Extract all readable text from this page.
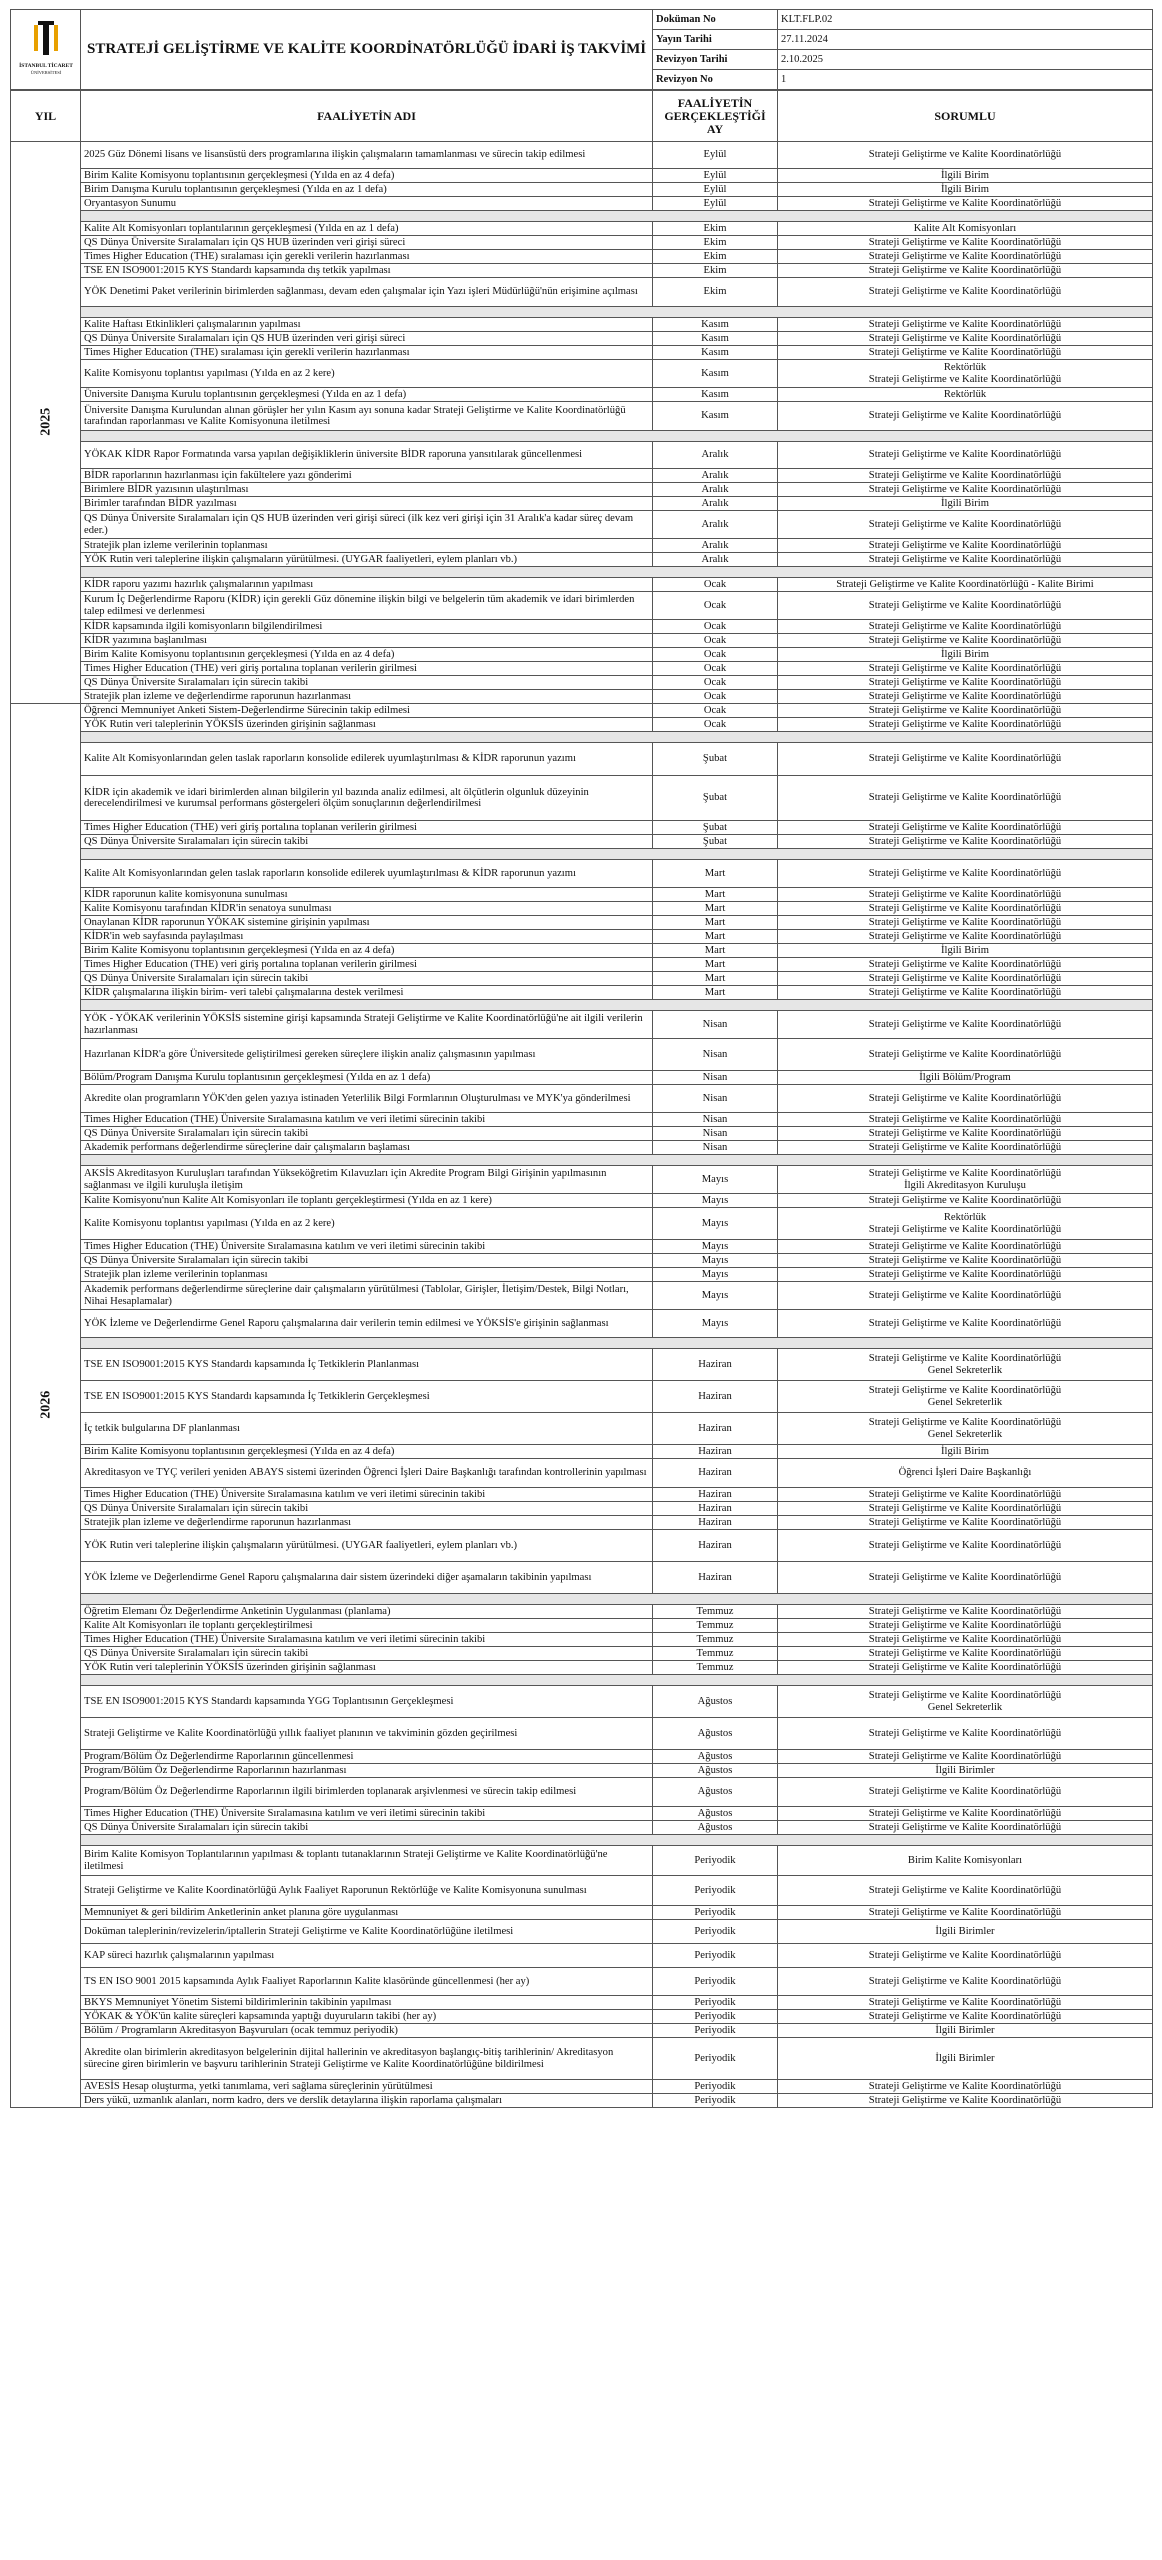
İSTANBUL TİCARET
ÜNİVERSİTESİ	STRATEJİ GELİŞTİRME VE KALİTE KOORDİNATÖRLÜĞÜ İDARİ İŞ TAKVİMİ	Doküman No	KLT.FLP.02
		Yayın Tarihi	27.11.2024
		Revizyon Tarihi	2.10.2025
		Revizyon No	1
YIL	FAALİYETİN ADI	FAALİYETİN GERÇEKLEŞTİĞİ AY	SORUMLU
2025	2025 Güz Dönemi lisans ve lisansüstü ders programlarına ilişkin çalışmaların tamamlanması ve sürecin takip edilmesi	Eylül	Strateji Geliştirme ve Kalite Koordinatörlüğü

	Birim Kalite Komisyonu toplantısının gerçekleşmesi (Yılda en az 4 defa)	Eylül	İlgili Birim

	Birim Danışma Kurulu toplantısının gerçekleşmesi (Yılda en az 1 defa)	Eylül	İlgili Birim

	Oryantasyon Sunumu	Eylül	Strateji Geliştirme ve Kalite Koordinatörlüğü

	Kalite Alt Komisyonları toplantılarının gerçekleşmesi (Yılda en az 1 defa)	Ekim	Kalite Alt Komisyonları

	QS Dünya Üniversite Sıralamaları için QS HUB üzerinden veri girişi süreci	Ekim	Strateji Geliştirme ve Kalite Koordinatörlüğü

	Times Higher Education (THE) sıralaması için gerekli verilerin hazırlanması	Ekim	Strateji Geliştirme ve Kalite Koordinatörlüğü

	TSE EN ISO9001:2015 KYS Standardı kapsamında dış tetkik yapılması	Ekim	Strateji Geliştirme ve Kalite Koordinatörlüğü

	YÖK Denetimi Paket verilerinin birimlerden sağlanması, devam eden çalışmalar için Yazı işleri Müdürlüğü'nün erişimine açılması	Ekim	Strateji Geliştirme ve Kalite Koordinatörlüğü

	Kalite Haftası Etkinlikleri çalışmalarının yapılması	Kasım	Strateji Geliştirme ve Kalite Koordinatörlüğü

	QS Dünya Üniversite Sıralamaları için QS HUB üzerinden veri girişi süreci	Kasım	Strateji Geliştirme ve Kalite Koordinatörlüğü

	Times Higher Education (THE) sıralaması için gerekli verilerin hazırlanması	Kasım	Strateji Geliştirme ve Kalite Koordinatörlüğü

	Kalite Komisyonu toplantısı yapılması (Yılda en az 2 kere)	Kasım	Rektörlük
Strateji Geliştirme ve Kalite Koordinatörlüğü

	Üniversite Danışma Kurulu toplantısının gerçekleşmesi (Yılda en az 1 defa)	Kasım	Rektörlük

	Üniversite Danışma Kurulundan alınan görüşler her yılın Kasım ayı sonuna kadar Strateji Geliştirme ve Kalite Koordinatörlüğü tarafından raporlanması ve Kalite Komisyonuna iletilmesi	Kasım	Strateji Geliştirme ve Kalite Koordinatörlüğü

	YÖKAK KİDR Rapor Formatında varsa yapılan değişikliklerin üniversite BİDR raporuna yansıtılarak güncellenmesi	Aralık	Strateji Geliştirme ve Kalite Koordinatörlüğü

	BİDR raporlarının hazırlanması için fakültelere yazı gönderimi	Aralık	Strateji Geliştirme ve Kalite Koordinatörlüğü

	Birimlere BİDR yazısının ulaştırılması	Aralık	Strateji Geliştirme ve Kalite Koordinatörlüğü

	Birimler tarafından BİDR yazılması	Aralık	İlgili Birim

	QS Dünya Üniversite Sıralamaları için QS HUB üzerinden veri girişi süreci (ilk kez veri girişi için 31 Aralık'a kadar süreç devam eder.)	Aralık	Strateji Geliştirme ve Kalite Koordinatörlüğü

	Stratejik plan izleme verilerinin toplanması	Aralık	Strateji Geliştirme ve Kalite Koordinatörlüğü

	YÖK Rutin veri taleplerine ilişkin çalışmaların yürütülmesi. (UYGAR faaliyetleri, eylem planları vb.)	Aralık	Strateji Geliştirme ve Kalite Koordinatörlüğü

	KİDR raporu yazımı hazırlık çalışmalarının yapılması	Ocak	Strateji Geliştirme ve Kalite Koordinatörlüğü - Kalite Birimi

	Kurum İç Değerlendirme Raporu (KİDR) için gerekli Güz dönemine ilişkin bilgi ve belgelerin tüm akademik ve idari birimlerden talep edilmesi ve derlenmesi	Ocak	Strateji Geliştirme ve Kalite Koordinatörlüğü

	KİDR kapsamında ilgili komisyonların bilgilendirilmesi	Ocak	Strateji Geliştirme ve Kalite Koordinatörlüğü

	KİDR yazımına başlanılması	Ocak	Strateji Geliştirme ve Kalite Koordinatörlüğü

	Birim Kalite Komisyonu toplantısının gerçekleşmesi (Yılda en az 4 defa)	Ocak	İlgili Birim

	Times Higher Education (THE) veri giriş portalına toplanan verilerin girilmesi	Ocak	Strateji Geliştirme ve Kalite Koordinatörlüğü

	QS Dünya Üniversite Sıralamaları için sürecin takibi	Ocak	Strateji Geliştirme ve Kalite Koordinatörlüğü

	Stratejik plan izleme ve değerlendirme raporunun hazırlanması	Ocak	Strateji Geliştirme ve Kalite Koordinatörlüğü

2026	Öğrenci Memnuniyet Anketi Sistem-Değerlendirme Sürecinin takip edilmesi	Ocak	Strateji Geliştirme ve Kalite Koordinatörlüğü

	YÖK Rutin veri taleplerinin YÖKSİS üzerinden girişinin sağlanması	Ocak	Strateji Geliştirme ve Kalite Koordinatörlüğü

	Kalite Alt Komisyonlarından gelen taslak raporların konsolide edilerek uyumlaştırılması & KİDR raporunun yazımı	Şubat	Strateji Geliştirme ve Kalite Koordinatörlüğü

	KİDR için akademik ve idari birimlerden alınan bilgilerin yıl bazında analiz edilmesi, alt ölçütlerin olgunluk düzeyinin derecelendirilmesi ve kurumsal performans göstergeleri ölçüm sonuçlarının değerlendirilmesi	Şubat	Strateji Geliştirme ve Kalite Koordinatörlüğü

	Times Higher Education (THE) veri giriş portalına toplanan verilerin girilmesi	Şubat	Strateji Geliştirme ve Kalite Koordinatörlüğü

	QS Dünya Üniversite Sıralamaları için sürecin takibi	Şubat	Strateji Geliştirme ve Kalite Koordinatörlüğü

	Kalite Alt Komisyonlarından gelen taslak raporların konsolide edilerek uyumlaştırılması & KİDR raporunun yazımı	Mart	Strateji Geliştirme ve Kalite Koordinatörlüğü

	KİDR raporunun kalite komisyonuna sunulması	Mart	Strateji Geliştirme ve Kalite Koordinatörlüğü

	Kalite Komisyonu tarafından KİDR'in senatoya sunulması	Mart	Strateji Geliştirme ve Kalite Koordinatörlüğü

	Onaylanan KİDR raporunun YÖKAK sistemine girişinin yapılması	Mart	Strateji Geliştirme ve Kalite Koordinatörlüğü

	KİDR'in web sayfasında paylaşılması	Mart	Strateji Geliştirme ve Kalite Koordinatörlüğü

	Birim Kalite Komisyonu toplantısının gerçekleşmesi (Yılda en az 4 defa)	Mart	İlgili Birim

	Times Higher Education (THE) veri giriş portalına toplanan verilerin girilmesi	Mart	Strateji Geliştirme ve Kalite Koordinatörlüğü

	QS Dünya Üniversite Sıralamaları için sürecin takibi	Mart	Strateji Geliştirme ve Kalite Koordinatörlüğü

	KİDR çalışmalarına ilişkin birim- veri talebi çalışmalarına destek verilmesi	Mart	Strateji Geliştirme ve Kalite Koordinatörlüğü

	YÖK - YÖKAK verilerinin YÖKSİS sistemine girişi kapsamında Strateji Geliştirme ve Kalite Koordinatörlüğü'ne ait ilgili verilerin hazırlanması	Nisan	Strateji Geliştirme ve Kalite Koordinatörlüğü

	Hazırlanan KİDR'a göre Üniversitede geliştirilmesi gereken süreçlere ilişkin analiz çalışmasının yapılması	Nisan	Strateji Geliştirme ve Kalite Koordinatörlüğü

	Bölüm/Program Danışma Kurulu toplantısının gerçekleşmesi (Yılda en az 1 defa)	Nisan	İlgili Bölüm/Program

	Akredite olan programların YÖK'den gelen yazıya istinaden Yeterlilik Bilgi Formlarının Oluşturulması ve MYK'ya gönderilmesi	Nisan	Strateji Geliştirme ve Kalite Koordinatörlüğü

	Times Higher Education (THE) Üniversite Sıralamasına katılım ve veri iletimi sürecinin takibi	Nisan	Strateji Geliştirme ve Kalite Koordinatörlüğü

	QS Dünya Üniversite Sıralamaları için sürecin takibi	Nisan	Strateji Geliştirme ve Kalite Koordinatörlüğü

	Akademik performans değerlendirme süreçlerine dair çalışmaların başlaması	Nisan	Strateji Geliştirme ve Kalite Koordinatörlüğü

	AKSİS Akreditasyon Kuruluşları tarafından Yükseköğretim Kılavuzları için Akredite Program Bilgi Girişinin yapılmasının sağlanması ve ilgili kuruluşla iletişim	Mayıs	Strateji Geliştirme ve Kalite Koordinatörlüğü
İlgili Akreditasyon Kuruluşu

	Kalite Komisyonu'nun Kalite Alt Komisyonları ile toplantı gerçekleştirmesi (Yılda en az 1 kere)	Mayıs	Strateji Geliştirme ve Kalite Koordinatörlüğü

	Kalite Komisyonu toplantısı yapılması (Yılda en az 2 kere)	Mayıs	Rektörlük
Strateji Geliştirme ve Kalite Koordinatörlüğü

	Times Higher Education (THE) Üniversite Sıralamasına katılım ve veri iletimi sürecinin takibi	Mayıs	Strateji Geliştirme ve Kalite Koordinatörlüğü

	QS Dünya Üniversite Sıralamaları için sürecin takibi	Mayıs	Strateji Geliştirme ve Kalite Koordinatörlüğü

	Stratejik plan izleme verilerinin toplanması	Mayıs	Strateji Geliştirme ve Kalite Koordinatörlüğü

	Akademik performans değerlendirme süreçlerine dair çalışmaların yürütülmesi (Tablolar, Girişler, İletişim/Destek, Bilgi Notları, Nihai Hesaplamalar)	Mayıs	Strateji Geliştirme ve Kalite Koordinatörlüğü

	YÖK İzleme ve Değerlendirme Genel Raporu çalışmalarına dair verilerin temin edilmesi ve YÖKSİS'e girişinin sağlanması	Mayıs	Strateji Geliştirme ve Kalite Koordinatörlüğü

	TSE EN ISO9001:2015 KYS Standardı kapsamında İç Tetkiklerin Planlanması	Haziran	Strateji Geliştirme ve Kalite Koordinatörlüğü
Genel Sekreterlik

	TSE EN ISO9001:2015 KYS Standardı kapsamında İç Tetkiklerin Gerçekleşmesi	Haziran	Strateji Geliştirme ve Kalite Koordinatörlüğü
Genel Sekreterlik

	İç tetkik bulgularına DF planlanması	Haziran	Strateji Geliştirme ve Kalite Koordinatörlüğü
Genel Sekreterlik

	Birim Kalite Komisyonu toplantısının gerçekleşmesi (Yılda en az 4 defa)	Haziran	İlgili Birim

	Akreditasyon ve TYÇ verileri yeniden ABAYS sistemi üzerinden Öğrenci İşleri Daire Başkanlığı tarafından kontrollerinin yapılması	Haziran	Öğrenci İşleri Daire Başkanlığı

	Times Higher Education (THE) Üniversite Sıralamasına katılım ve veri iletimi sürecinin takibi	Haziran	Strateji Geliştirme ve Kalite Koordinatörlüğü

	QS Dünya Üniversite Sıralamaları için sürecin takibi	Haziran	Strateji Geliştirme ve Kalite Koordinatörlüğü

	Stratejik plan izleme ve değerlendirme raporunun hazırlanması	Haziran	Strateji Geliştirme ve Kalite Koordinatörlüğü

	YÖK Rutin veri taleplerine ilişkin çalışmaların yürütülmesi. (UYGAR faaliyetleri, eylem planları vb.)	Haziran	Strateji Geliştirme ve Kalite Koordinatörlüğü

	YÖK İzleme ve Değerlendirme Genel Raporu çalışmalarına dair sistem üzerindeki diğer aşamaların takibinin yapılması	Haziran	Strateji Geliştirme ve Kalite Koordinatörlüğü

	Öğretim Elemanı Öz Değerlendirme Anketinin Uygulanması (planlama)	Temmuz	Strateji Geliştirme ve Kalite Koordinatörlüğü

	Kalite Alt Komisyonları ile toplantı gerçekleştirilmesi	Temmuz	Strateji Geliştirme ve Kalite Koordinatörlüğü

	Times Higher Education (THE) Üniversite Sıralamasına katılım ve veri iletimi sürecinin takibi	Temmuz	Strateji Geliştirme ve Kalite Koordinatörlüğü

	QS Dünya Üniversite Sıralamaları için sürecin takibi	Temmuz	Strateji Geliştirme ve Kalite Koordinatörlüğü

	YÖK Rutin veri taleplerinin YÖKSİS üzerinden girişinin sağlanması	Temmuz	Strateji Geliştirme ve Kalite Koordinatörlüğü

	TSE EN ISO9001:2015 KYS Standardı kapsamında YGG Toplantısının Gerçekleşmesi	Ağustos	Strateji Geliştirme ve Kalite Koordinatörlüğü
Genel Sekreterlik

	Strateji Geliştirme ve Kalite Koordinatörlüğü yıllık faaliyet planının ve takviminin gözden geçirilmesi	Ağustos	Strateji Geliştirme ve Kalite Koordinatörlüğü

	Program/Bölüm Öz Değerlendirme Raporlarının güncellenmesi	Ağustos	Strateji Geliştirme ve Kalite Koordinatörlüğü

	Program/Bölüm Öz Değerlendirme Raporlarının hazırlanması	Ağustos	İlgili Birimler

	Program/Bölüm Öz Değerlendirme Raporlarının ilgili birimlerden toplanarak arşivlenmesi ve sürecin takip edilmesi	Ağustos	Strateji Geliştirme ve Kalite Koordinatörlüğü

	Times Higher Education (THE) Üniversite Sıralamasına katılım ve veri iletimi sürecinin takibi	Ağustos	Strateji Geliştirme ve Kalite Koordinatörlüğü

	QS Dünya Üniversite Sıralamaları için sürecin takibi	Ağustos	Strateji Geliştirme ve Kalite Koordinatörlüğü

	Birim Kalite Komisyon Toplantılarının yapılması & toplantı tutanaklarının Strateji Geliştirme ve Kalite Koordinatörlüğü'ne iletilmesi	Periyodik	Birim Kalite Komisyonları

	Strateji Geliştirme ve Kalite Koordinatörlüğü Aylık Faaliyet Raporunun Rektörlüğe ve Kalite Komisyonuna sunulması	Periyodik	Strateji Geliştirme ve Kalite Koordinatörlüğü

	Memnuniyet & geri bildirim Anketlerinin anket planına göre uygulanması	Periyodik	Strateji Geliştirme ve Kalite Koordinatörlüğü

	Doküman taleplerinin/revizelerin/iptallerin Strateji Geliştirme ve Kalite Koordinatörlüğüne iletilmesi	Periyodik	İlgili Birimler

	KAP süreci hazırlık çalışmalarının yapılması	Periyodik	Strateji Geliştirme ve Kalite Koordinatörlüğü

	TS EN ISO 9001 2015 kapsamında Aylık Faaliyet Raporlarının Kalite klasöründe güncellenmesi (her ay)	Periyodik	Strateji Geliştirme ve Kalite Koordinatörlüğü

	BKYS Memnuniyet Yönetim Sistemi bildirimlerinin takibinin yapılması	Periyodik	Strateji Geliştirme ve Kalite Koordinatörlüğü

	YÖKAK & YÖK'ün kalite süreçleri kapsamında yaptığı duyuruların takibi (her ay)	Periyodik	Strateji Geliştirme ve Kalite Koordinatörlüğü

	Bölüm / Programların Akreditasyon Başvuruları (ocak temmuz periyodik)	Periyodik	İlgili Birimler

	Akredite olan birimlerin akreditasyon belgelerinin dijital hallerinin ve akreditasyon başlangıç-bitiş tarihlerinin/ Akreditasyon sürecine giren birimlerin ve başvuru tarihlerinin Strateji Geliştirme ve Kalite Koordinatörlüğüne bildirilmesi	Periyodik	İlgili Birimler

	AVESİS Hesap oluşturma, yetki tanımlama, veri sağlama süreçlerinin yürütülmesi	Periyodik	Strateji Geliştirme ve Kalite Koordinatörlüğü

	Ders yükü, uzmanlık alanları, norm kadro, ders ve derslik detaylarına ilişkin raporlama çalışmaları	Periyodik	Strateji Geliştirme ve Kalite Koordinatörlüğü
